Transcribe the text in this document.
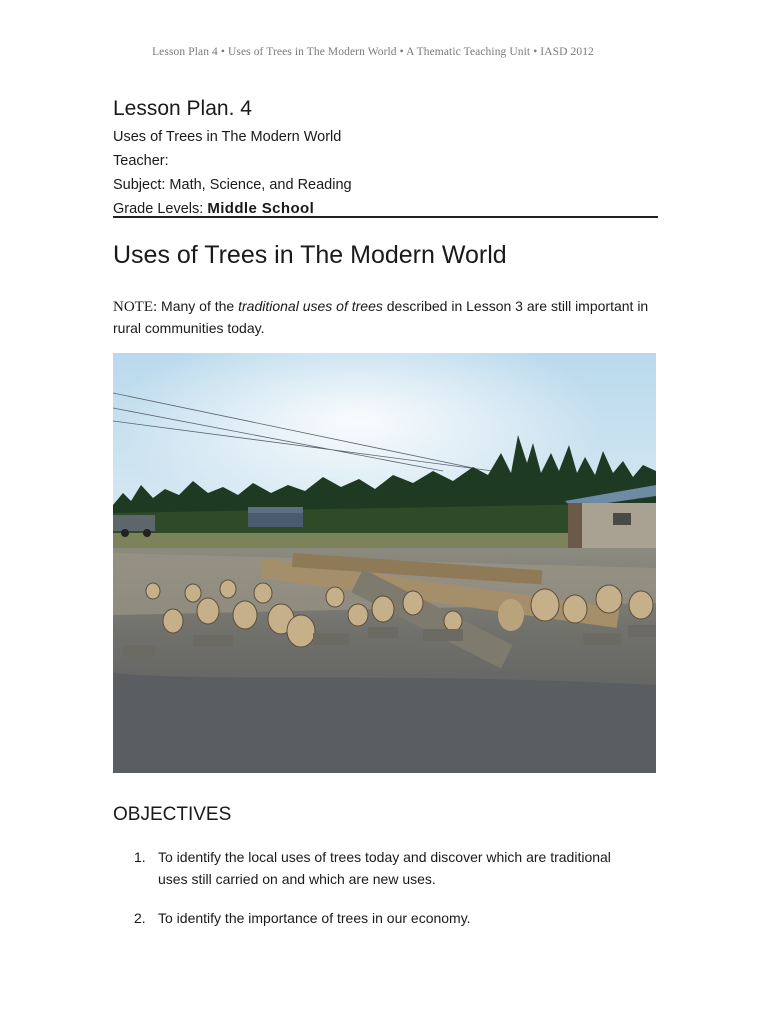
Lesson Plan 4 • Uses of Trees in The Modern World • A Thematic Teaching Unit • IASD 2012
Lesson Plan. 4
Uses of Trees in The Modern World
Teacher:
Subject: Math, Science, and Reading
Grade Levels: Middle School
Uses of Trees in The Modern World
NOTE: Many of the traditional uses of trees described in Lesson 3 are still important in rural communities today.
OBJECTIVES
1. To identify the local uses of trees today and discover which are traditional uses still carried on and which are new uses.
2. To identify the importance of trees in our economy.
